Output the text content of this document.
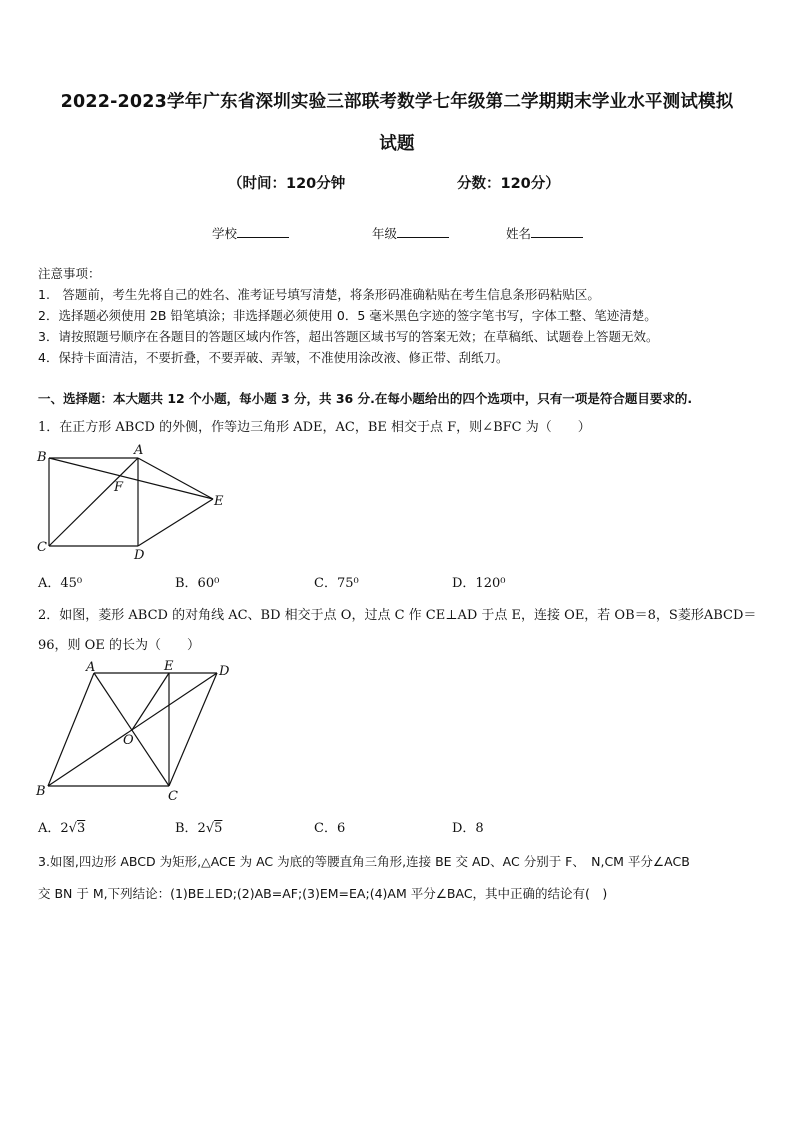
2022-2023学年广东省深圳实验三部联考数学七年级第二学期期末学业水平测试模拟
试题
（时间：120分钟	分数：120分）
学校	年级	姓名
注意事项：
1.　答题前，考生先将自己的姓名、准考证号填写清楚，将条形码准确粘贴在考生信息条形码粘贴区。
2．选择题必须使用 2B 铅笔填涂；非选择题必须使用 0．5 毫米黑色字迹的签字笔书写，字体工整、笔迹清楚。
3．请按照题号顺序在各题目的答题区域内作答，超出答题区域书写的答案无效；在草稿纸、试题卷上答题无效。
4．保持卡面清洁，不要折叠，不要弄破、弄皱，不准使用涂改液、修正带、刮纸刀。
一、选择题：本大题共 12 个小题，每小题 3 分，共 36 分.在每小题给出的四个选项中，只有一项是符合题目要求的.
1．在正方形 ABCD 的外侧，作等边三角形 ADE，AC，BE 相交于点 F，则∠BFC 为（　　）
B	A
C
D
E
F
A．45⁰	B．60⁰	C．75⁰	D．120⁰
2．如图，菱形 ABCD 的对角线 AC、BD 相交于点 O，过点 C 作 CE⊥AD 于点 E，连接 OE，若 OB＝8，S菱形ABCD＝
96，则 OE 的长为（　　）
A	E	D
O
B	C
A．2√3	B．2√5	C．6	D．8
3.如图,四边形 ABCD 为矩形,△ACE 为 AC 为底的等腰直角三角形,连接 BE 交 AD、AC 分别于 F、　N,CM 平分∠ACB
交 BN 于 M,下列结论：(1)BE⊥ED;(2)AB=AF;(3)EM=EA;(4)AM 平分∠BAC，其中正确的结论有(　)
